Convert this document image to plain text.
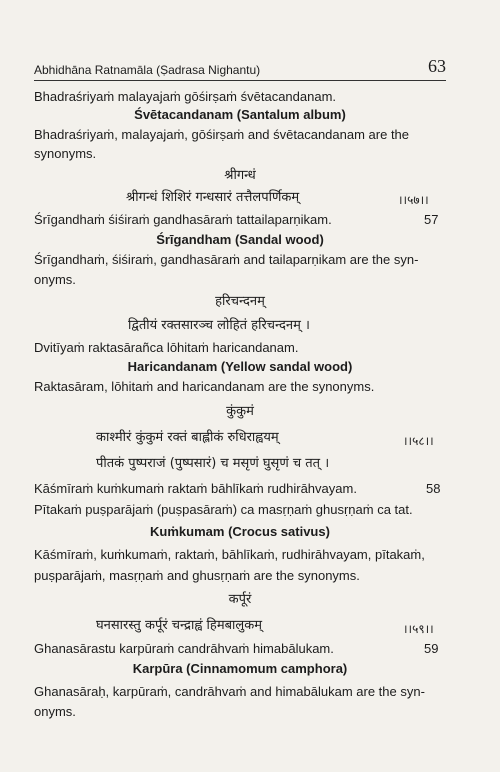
Abhidhāna Ratnamāla (Ṣadrasa Nighantu)	63
Bhadraśriyaṁ malayajaṁ gōśirṣaṁ śvētacandanam.
Śvētacandanam (Santalum album)
Bhadraśriyaṁ, malayajaṁ, gōśirṣaṁ and śvētacandanam are the
synonyms.
श्रीगन्धं
श्रीगन्धं शिशिरं गन्धसारं तत्तैलपर्णिकम्	।।५७।।
Śrīgandhaṁ śiśiraṁ gandhasāraṁ tattailaparṇikam.	57
Śrīgandham (Sandal wood)
Śrīgandhaṁ, śiśiraṁ, gandhasāraṁ and tailaparṇikam are the syn-
onyms.
हरिचन्दनम्
द्वितीयं रक्तसारञ्च लोहितं हरिचन्दनम् ।
Dvitīyaṁ raktasārañca lōhitaṁ haricandanam.
Haricandanam (Yellow sandal wood)
Raktasāram, lōhitaṁ and haricandanam are the synonyms.
कुंकुमं
काश्मीरं कुंकुमं रक्तं बाह्लीकं रुधिराह्वयम्	।।५८।।
पीतकं पुष्पराजं (पुष्पसारं) च मसृणं घुसृणं च तत् ।
Kāśmīraṁ kuṁkumaṁ raktaṁ bāhlīkaṁ rudhirāhvayam.	58
Pītakaṁ puṣparājaṁ (puṣpasāraṁ) ca masṛṇaṁ ghusṛṇaṁ ca tat.
Kuṁkumam (Crocus sativus)
Kāśmīraṁ, kuṁkumaṁ, raktaṁ, bāhlīkaṁ, rudhirāhvayam, pītakaṁ,
puṣparājaṁ, masṛṇaṁ and ghusṛṇaṁ are the synonyms.
कर्पूरं
घनसारस्तु कर्पूरं चन्द्राह्वं हिमबालुकम्	।।५९।।
Ghanasārastu karpūraṁ candrāhvaṁ himabālukam.	59
Karpūra (Cinnamomum camphora)
Ghanasāraḥ, karpūraṁ, candrāhvaṁ and himabālukam are the syn-
onyms.
